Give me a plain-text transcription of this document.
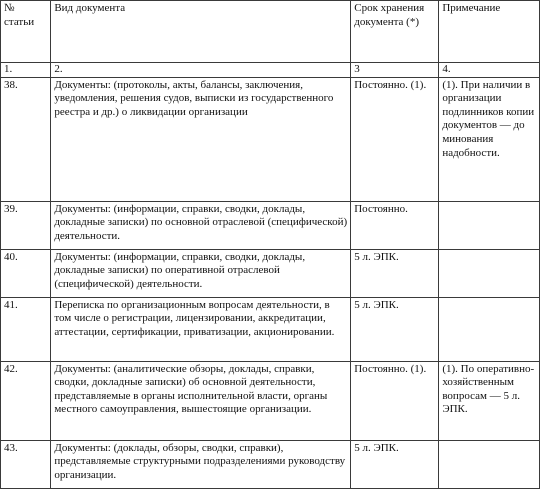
№ статьи	Вид документа	Срок хранения документа (*)	Примечание
1.	2.	3	4.
38.	Документы: (протоколы, акты, балансы, заключения, уведомления, решения судов, выписки из государственного реестра и др.) о ликвидации организации	Постоянно. (1).	(1). При наличии в организации подлинников копии документов — до минования надобности.
39.	Документы: (информации, справки, сводки, доклады, докладные записки) по основной отраслевой (специфической) деятельности.	Постоянно.	
40.	Документы: (информации, справки, сводки, доклады, докладные записки) по оперативной отраслевой (специфической) деятельности.	5 л. ЭПК.	
41.	Переписка по организационным вопросам деятельности, в том числе о регистрации, лицензировании, аккредитации, аттестации, сертификации, приватизации, акционировании.	5 л. ЭПК.	
42.	Документы: (аналитические обзоры, доклады, справки, сводки, докладные записки) об основной деятельности, представляемые в органы исполнительной власти, органы местного самоуправления, вышестоящие организации.	Постоянно. (1).	(1). По оперативно-хозяйственным вопросам — 5 л. ЭПК.
43.	Документы: (доклады, обзоры, сводки, справки), представляемые структурными подразделениями руководству организации.	5 л. ЭПК.	
